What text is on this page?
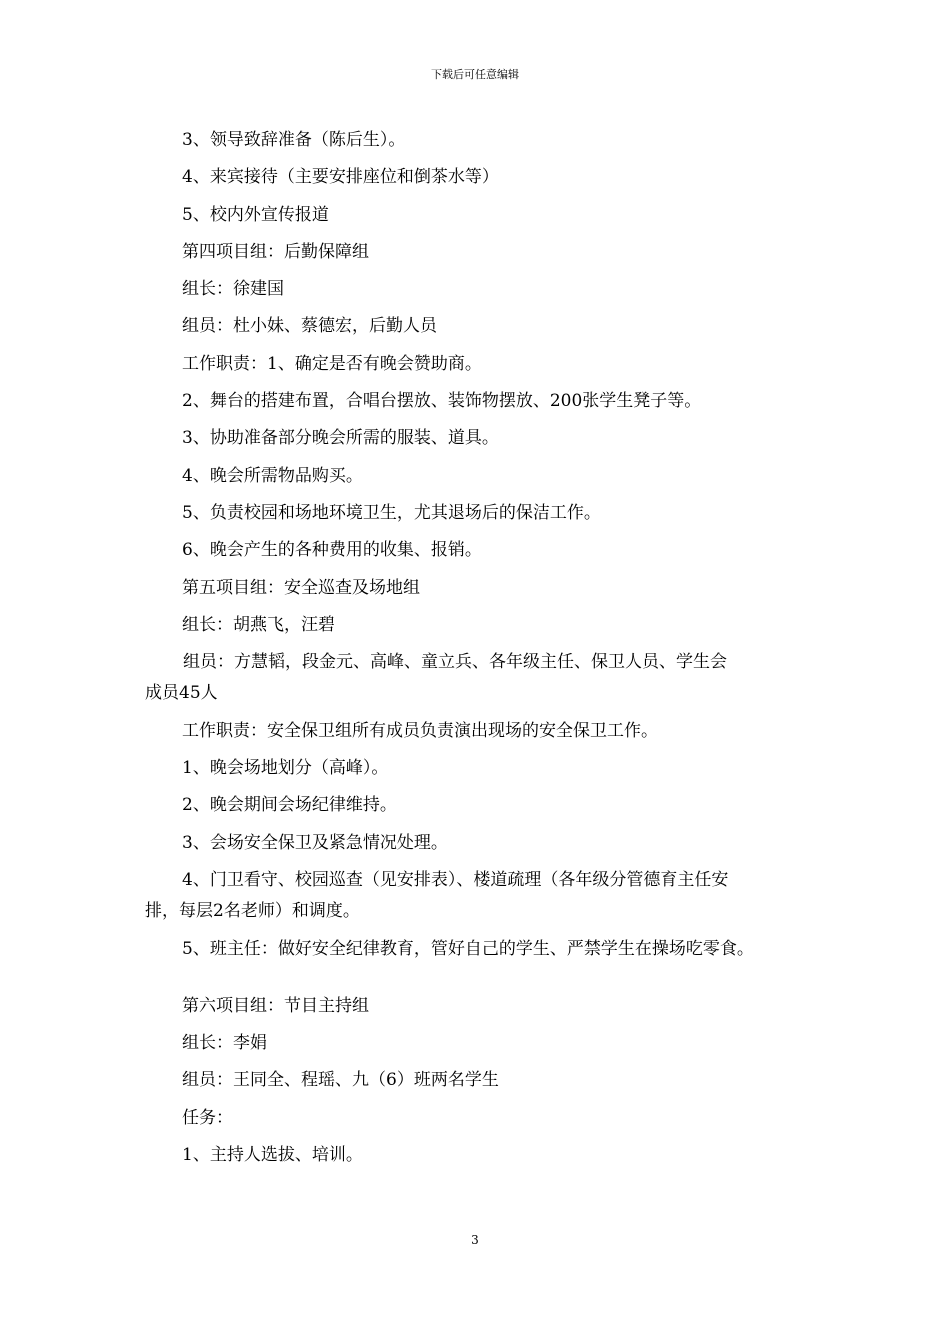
下载后可任意编辑
3、领导致辞准备（陈后生）。
4、来宾接待（主要安排座位和倒茶水等）
5、校内外宣传报道
第四项目组：后勤保障组
组长：徐建国
组员：杜小妹、蔡德宏，后勤人员
工作职责：1、确定是否有晚会赞助商。
2、舞台的搭建布置，合唱台摆放、装饰物摆放、200张学生凳子等。
3、协助准备部分晚会所需的服装、道具。
4、晚会所需物品购买。
5、负责校园和场地环境卫生，尤其退场后的保洁工作。
6、晚会产生的各种费用的收集、报销。
第五项目组：安全巡查及场地组
组长：胡燕飞，汪碧
组员：方慧韬，段金元、高峰、童立兵、各年级主任、保卫人员、学生会
成员45人
工作职责：安全保卫组所有成员负责演出现场的安全保卫工作。
1、晚会场地划分（高峰）。
2、晚会期间会场纪律维持。
3、会场安全保卫及紧急情况处理。
4、门卫看守、校园巡查（见安排表）、楼道疏理（各年级分管德育主任安
排，每层2名老师）和调度。
5、班主任：做好安全纪律教育，管好自己的学生、严禁学生在操场吃零食。
第六项目组：节目主持组
组长：李娟
组员：王同全、程瑶、九（6）班两名学生
任务：
1、主持人选拔、培训。
3
